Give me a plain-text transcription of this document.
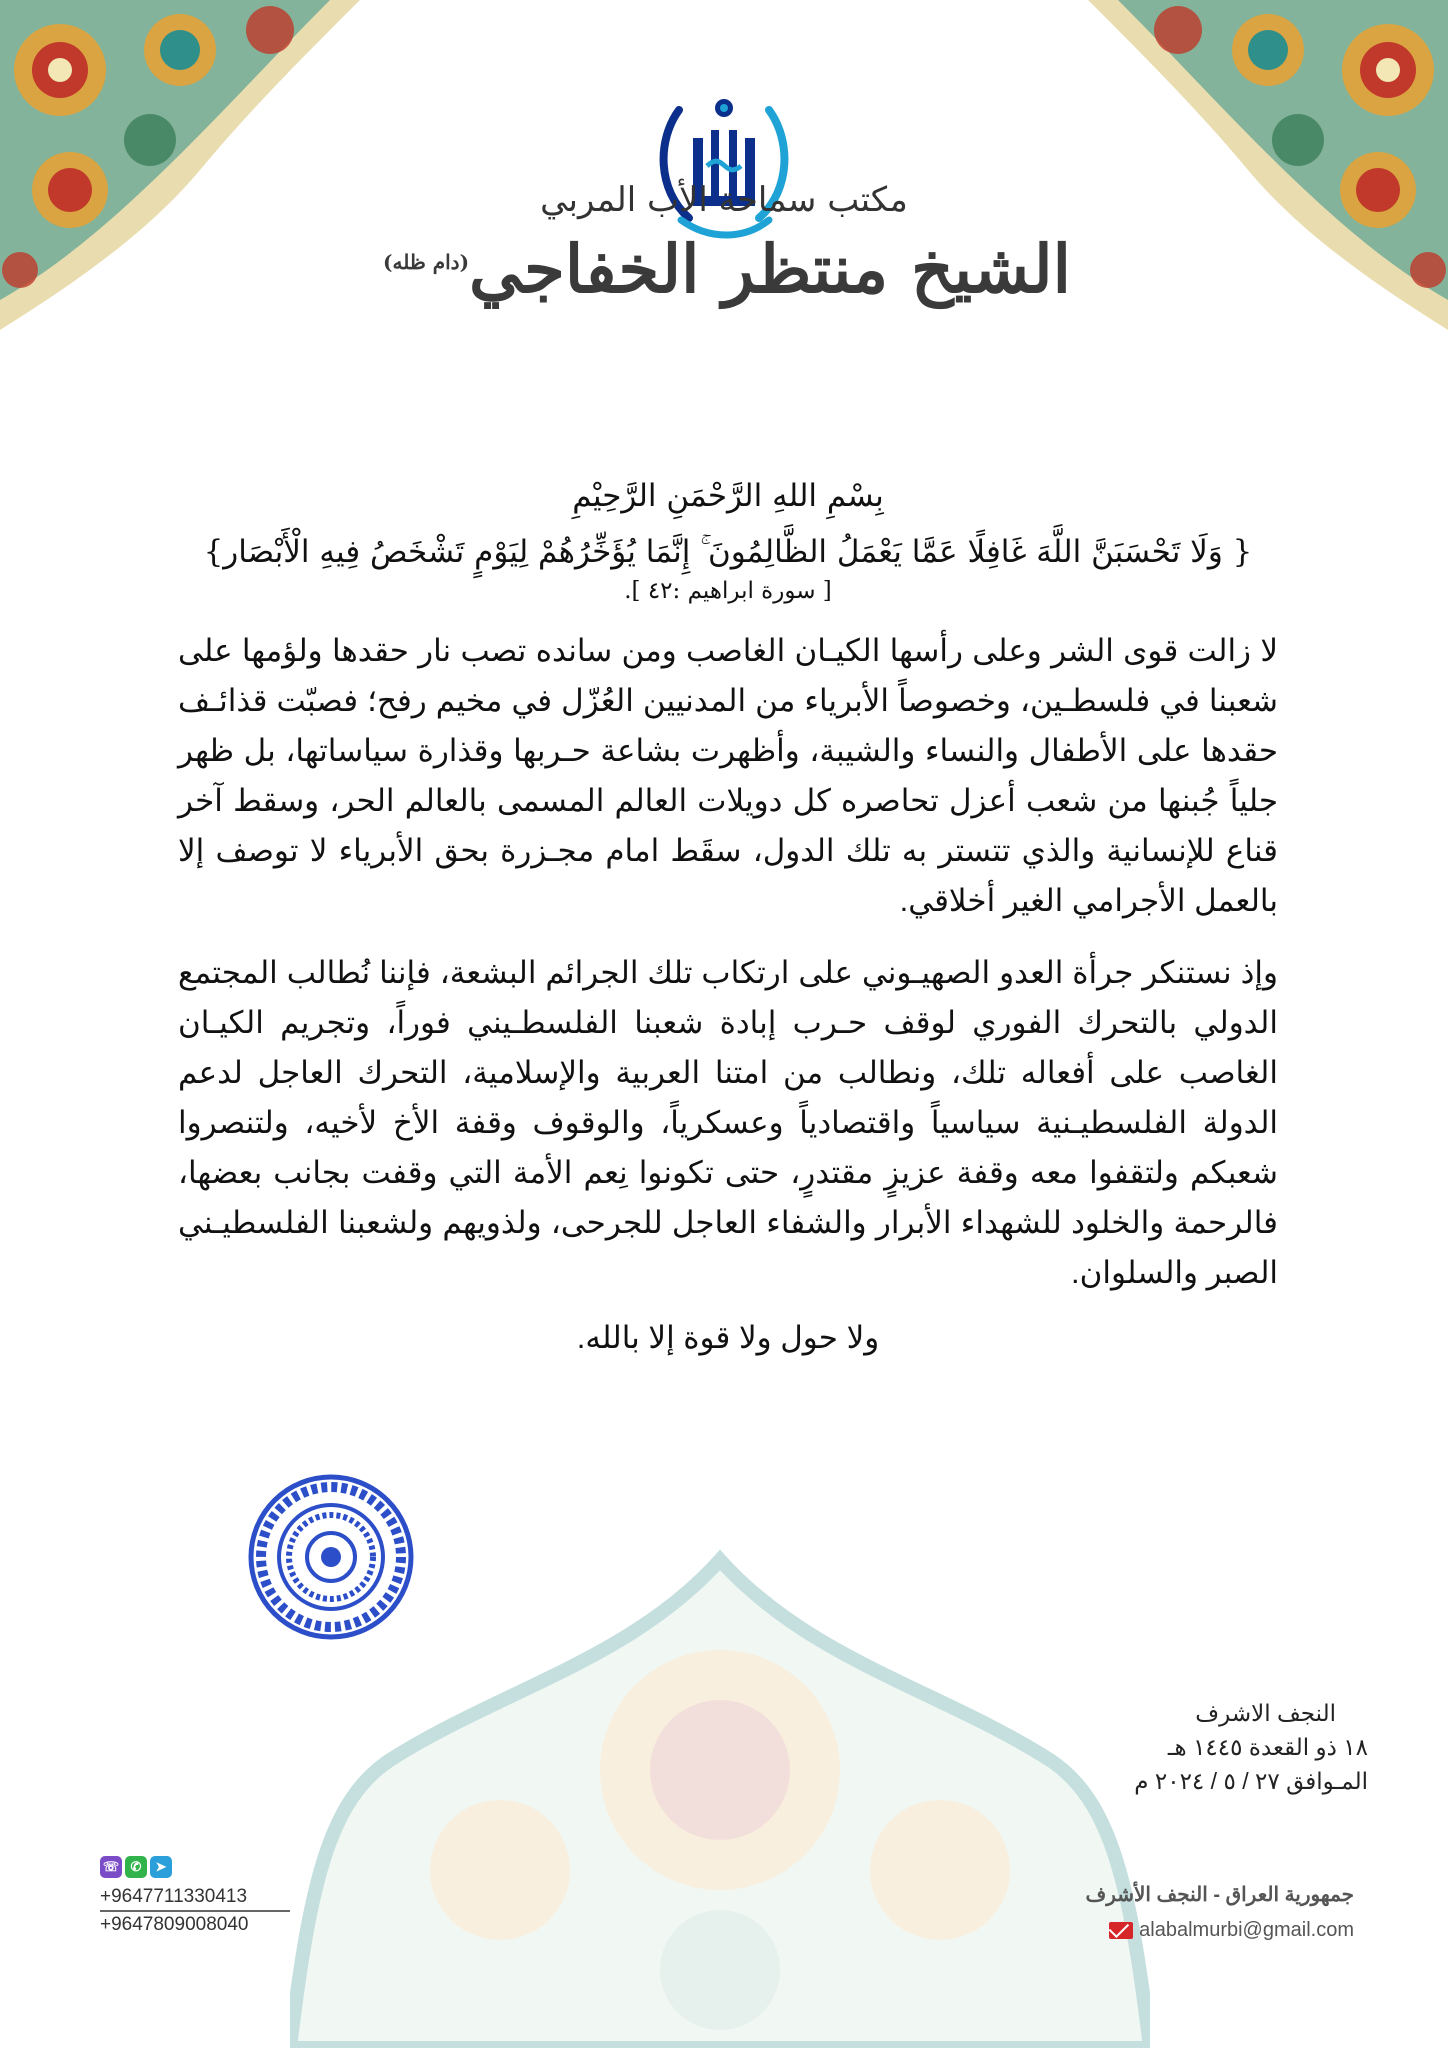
مكتب سماحة الأب المربي
الشيخ منتظر الخفاجي$^{(دام ظله)}$

بِسْمِ اللهِ الرَّحْمَنِ الرَّحِيْمِ

{ وَلَا تَحْسَبَنَّ اللَّهَ غَافِلًا عَمَّا يَعْمَلُ الظَّالِمُونَ ۚ إِنَّمَا يُؤَخِّرُهُمْ لِيَوْمٍ تَشْخَصُ فِيهِ الْأَبْصَار}

[ سورة ابراهيم :٤٢ ].

لا زالت قوى الشر وعلى رأسها الكيـان الغاصب ومن سانده تصب نار حقدها ولؤمها على شعبنا في فلسطـين، وخصوصاً الأبرياء من المدنيين العُزّل في مخيم رفح؛ فصبّت قذائـف حقدها على الأطفال والنساء والشيبة، وأظهرت بشاعة حـربها وقذارة سياساتها، بل ظهر جلياً جُبنها من شعب أعزل تحاصره كل دويلات العالم المسمى بالعالم الحر، وسقط آخر قناع للإنسانية والذي تتستر به تلك الدول، سقَط امام مجـزرة بحق الأبرياء لا توصف إلا بالعمل الأجرامي الغير أخلاقي.

وإذ نستنكر جرأة العدو الصهيـوني على ارتكاب تلك الجرائم البشعة، فإننا نُطالب المجتمع الدولي بالتحرك الفوري لوقف حـرب إبادة شعبنا الفلسطـيني فوراً، وتجريم الكيـان الغاصب على أفعاله تلك، ونطالب من امتنا العربية والإسلامية، التحرك العاجل لدعم الدولة الفلسطيـنية سياسياً واقتصادياً وعسكرياً، والوقوف وقفة الأخ لأخيه، ولتنصروا شعبكم ولتقفوا معه وقفة عزيزٍ مقتدرٍ، حتى تكونوا نِعم الأمة التي وقفت بجانب بعضها، فالرحمة والخلود للشهداء الأبرار والشفاء العاجل للجرحى، ولذويهم ولشعبنا الفلسطيـني الصبر والسلوان.

ولا حول ولا قوة إلا بالله.
النجف الاشرف
١٨ ذو القعدة ١٤٤٥ هـ
المـوافق ٢٧ / ٥ / ٢٠٢٤ م
☏ ✆	➤
+9647711330413
+9647809008040
جمهورية العراق - النجف الأشرف
alabalmurbi@gmail.com
